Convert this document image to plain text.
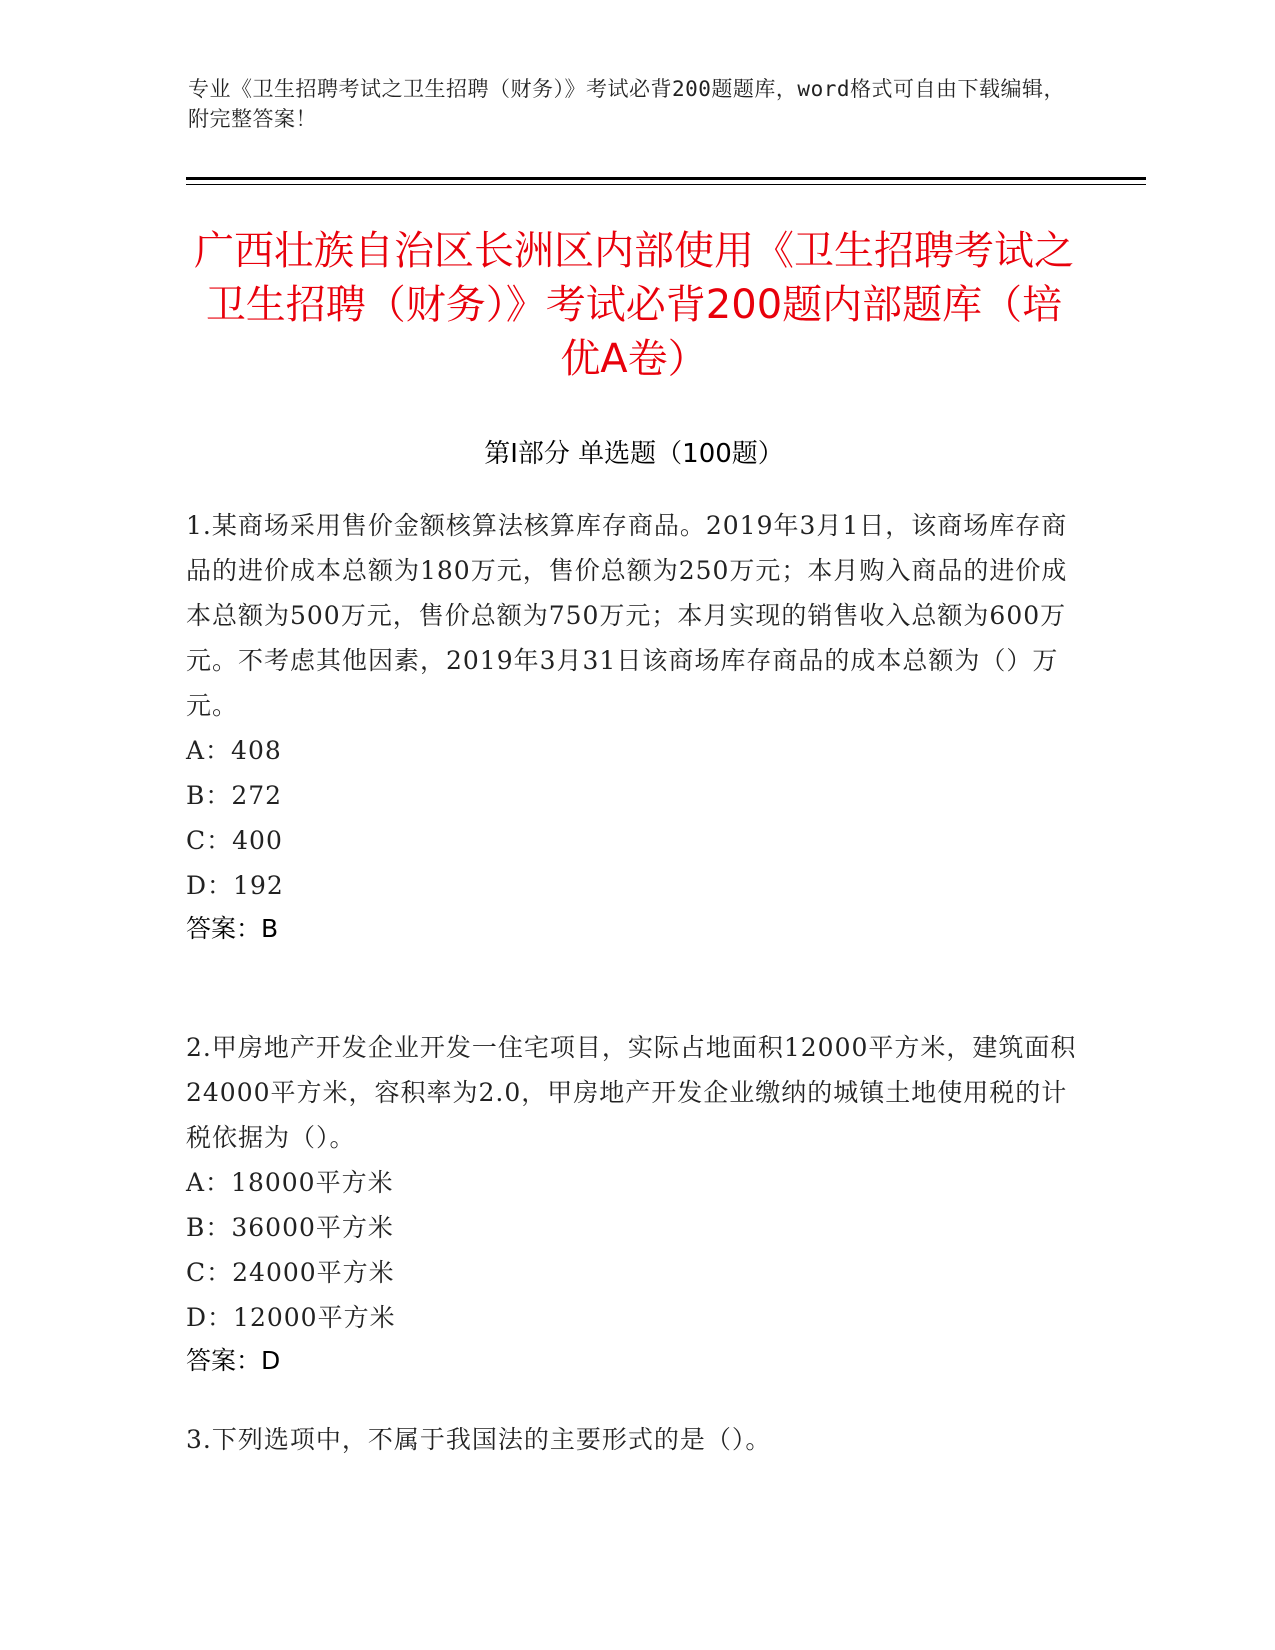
专业《卫生招聘考试之卫生招聘（财务）》考试必背200题题库，word格式可自由下载编辑，附完整答案！
广西壮族自治区长洲区内部使用《卫生招聘考试之卫生招聘（财务）》考试必背200题内部题库（培优A卷）
第I部分 单选题（100题）
1.某商场采用售价金额核算法核算库存商品。2019年3月1日，该商场库存商品的进价成本总额为180万元，售价总额为250万元；本月购入商品的进价成本总额为500万元，售价总额为750万元；本月实现的销售收入总额为600万元。不考虑其他因素，2019年3月31日该商场库存商品的成本总额为（）万元。
A：408
B：272
C：400
D：192
答案：B
2.甲房地产开发企业开发一住宅项目，实际占地面积12000平方米，建筑面积24000平方米，容积率为2.0，甲房地产开发企业缴纳的城镇土地使用税的计税依据为（）。
A：18000平方米
B：36000平方米
C：24000平方米
D：12000平方米
答案：D
3.下列选项中，不属于我国法的主要形式的是（）。
